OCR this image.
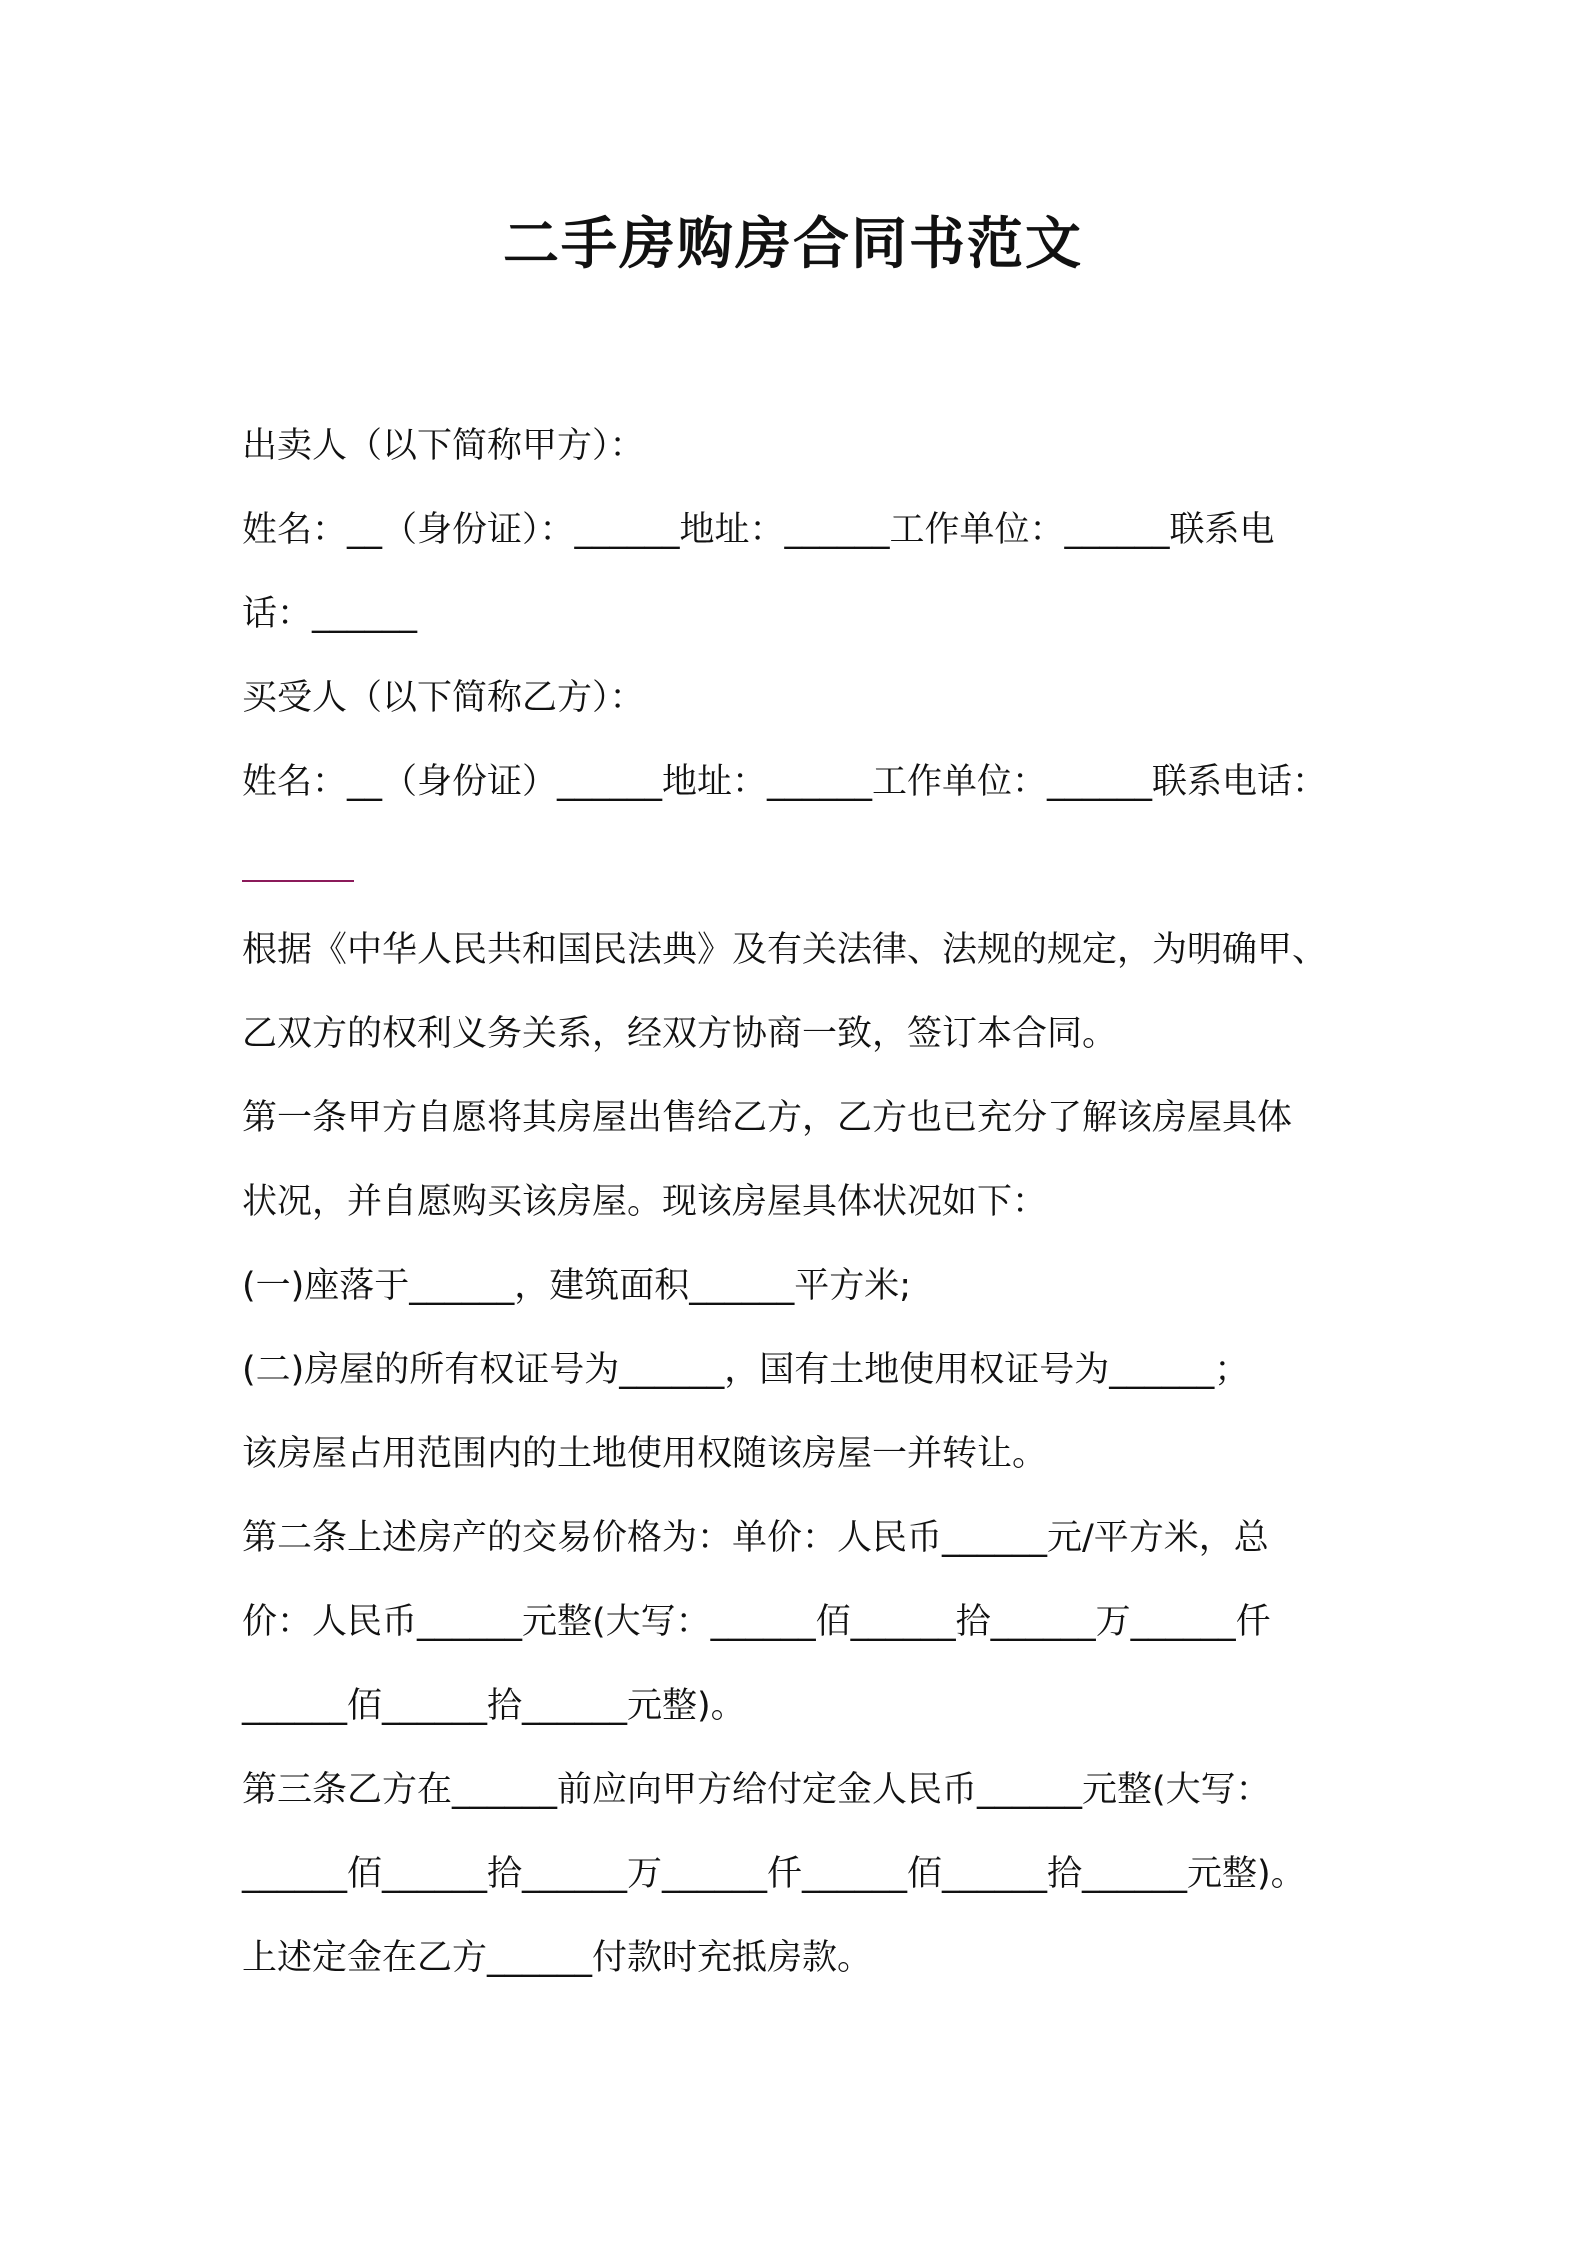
二手房购房合同书范文
出卖人（以下简称甲方）：
姓名：__（身份证）：______地址：______工作单位：______联系电
话：______
买受人（以下简称乙方）：
姓名：__（身份证）______地址：______工作单位：______联系电话：
根据《中华人民共和国民法典》及有关法律、法规的规定，为明确甲、
乙双方的权利义务关系，经双方协商一致，签订本合同。
第一条甲方自愿将其房屋出售给乙方，乙方也已充分了解该房屋具体
状况，并自愿购买该房屋。现该房屋具体状况如下：
(一)座落于______，建筑面积______平方米;
(二)房屋的所有权证号为______，国有土地使用权证号为______；
该房屋占用范围内的土地使用权随该房屋一并转让。
第二条上述房产的交易价格为：单价：人民币______元/平方米，总
价：人民币______元整(大写：______佰______拾______万______仟
______佰______拾______元整)。
第三条乙方在______前应向甲方给付定金人民币______元整(大写：
______佰______拾______万______仟______佰______拾______元整)。
上述定金在乙方______付款时充抵房款。
